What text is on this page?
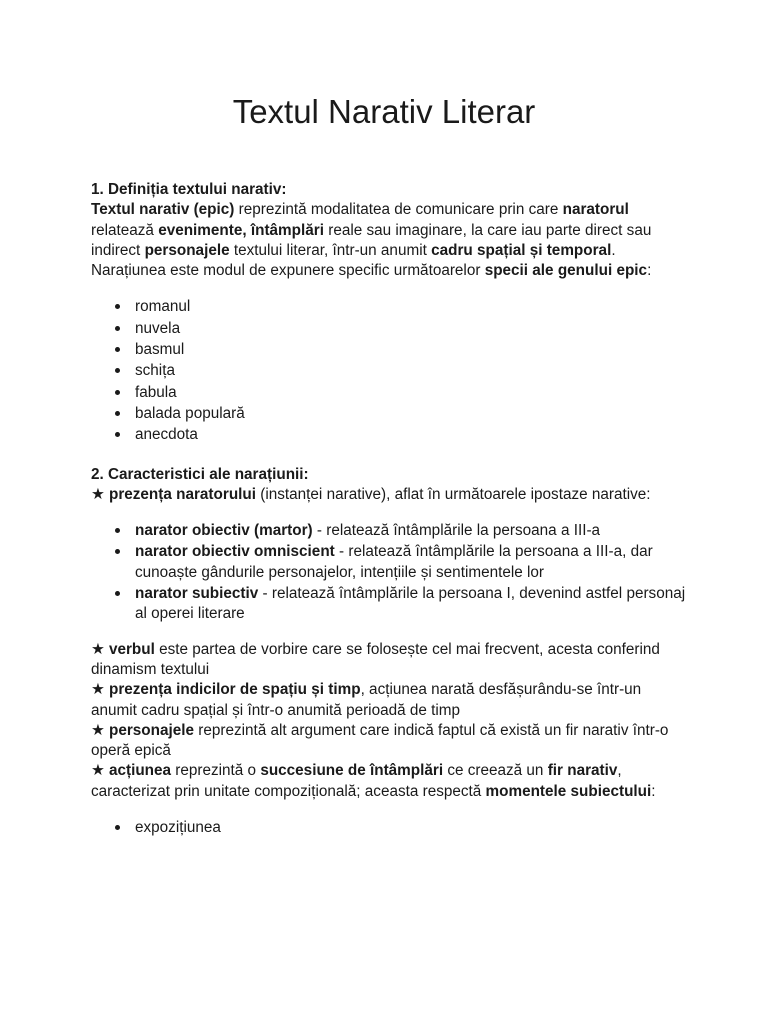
Textul Narativ Literar

1. Definiția textului narativ:

Textul narativ (epic) reprezintă modalitatea de comunicare prin care naratorul relatează evenimente, întâmplări reale sau imaginare, la care iau parte direct sau indirect personajele textului literar, într-un anumit cadru spațial și temporal.

Narațiunea este modul de expunere specific următoarelor specii ale genului epic:

romanul
nuvela
basmul
schița
fabula
balada populară
anecdota

2. Caracteristici ale narațiunii:

★ prezența naratorului (instanței narative), aflat în următoarele ipostaze narative:

narator obiectiv (martor) - relatează întâmplările la persoana a III-a
narator obiectiv omniscient - relatează întâmplările la persoana a III-a, dar cunoaște gândurile personajelor, intențiile și sentimentele lor
narator subiectiv - relatează întâmplările la persoana I, devenind astfel personaj al operei literare

★ verbul este partea de vorbire care se folosește cel mai frecvent, acesta conferind dinamism textului

★ prezența indicilor de spațiu și timp, acțiunea narată desfășurându-se într-un anumit cadru spațial și într-o anumită perioadă de timp

★ personajele reprezintă alt argument care indică faptul că există un fir narativ într-o operă epică

★ acțiunea reprezintă o succesiune de întâmplări ce creează un fir narativ, caracterizat prin unitate compozițională; aceasta respectă momentele subiectului:

expozițiunea
